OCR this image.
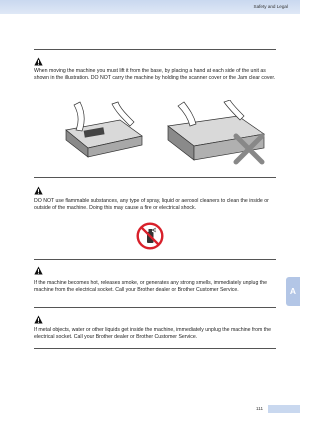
Safety and Legal
A
When moving the machine you must lift it from the base, by placing a hand at each side of the unit as shown in the illustration. DO NOT carry the machine by holding the scanner cover or the Jam clear cover.
DO NOT use flammable substances, any type of spray, liquid or aerosol cleaners to clean the inside or outside of the machine. Doing this may cause a fire or electrical shock.
If the machine becomes hot, releases smoke, or generates any strong smells, immediately unplug the machine from the electrical socket. Call your Brother dealer or Brother Customer Service.
If metal objects, water or other liquids get inside the machine, immediately unplug the machine from the electrical socket. Call your Brother dealer or Brother Customer Service.
111
